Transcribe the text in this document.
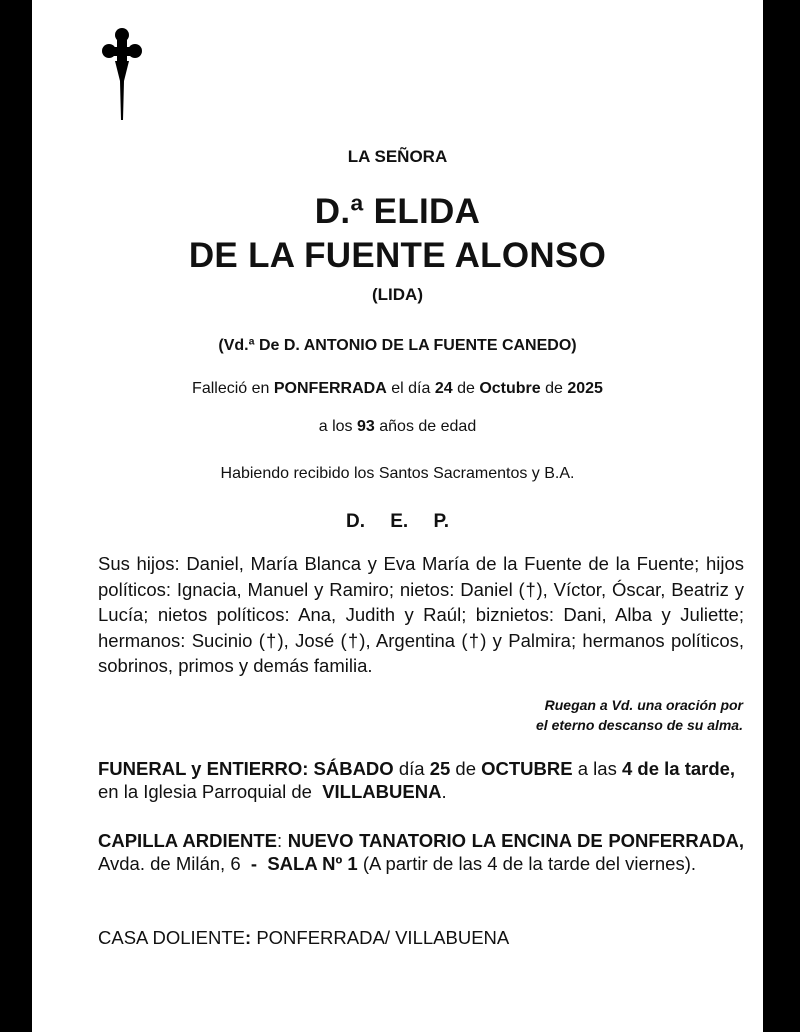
LA SEÑORA
D.ª ELIDA
DE LA FUENTE ALONSO
(LIDA)
(Vd.ª De D. ANTONIO DE LA FUENTE CANEDO)
Falleció en PONFERRADA el día 24 de Octubre de 2025
a los 93 años de edad
Habiendo recibido los Santos Sacramentos y B.A.
D. E. P.
Sus hijos: Daniel, María Blanca y Eva María de la Fuente de la Fuente; hijos políticos: Ignacia, Manuel y Ramiro; nietos: Daniel (†), Víctor, Óscar, Beatriz y Lucía; nietos políticos: Ana, Judith y Raúl; biznietos: Dani, Alba y Juliette; hermanos: Sucinio (†), José (†), Argentina (†) y Palmira; hermanos políticos, sobrinos, primos y demás familia.
Ruegan a Vd. una oración por
el eterno descanso de su alma.
FUNERAL y ENTIERRO: SÁBADO día 25 de OCTUBRE a las 4 de la tarde,
en la Iglesia Parroquial de VILLABUENA.
CAPILLA ARDIENTE: NUEVO TANATORIO LA ENCINA DE PONFERRADA, Avda. de Milán, 6 - SALA Nº 1 (A partir de las 4 de la tarde del viernes).
CASA DOLIENTE: PONFERRADA/ VILLABUENA
